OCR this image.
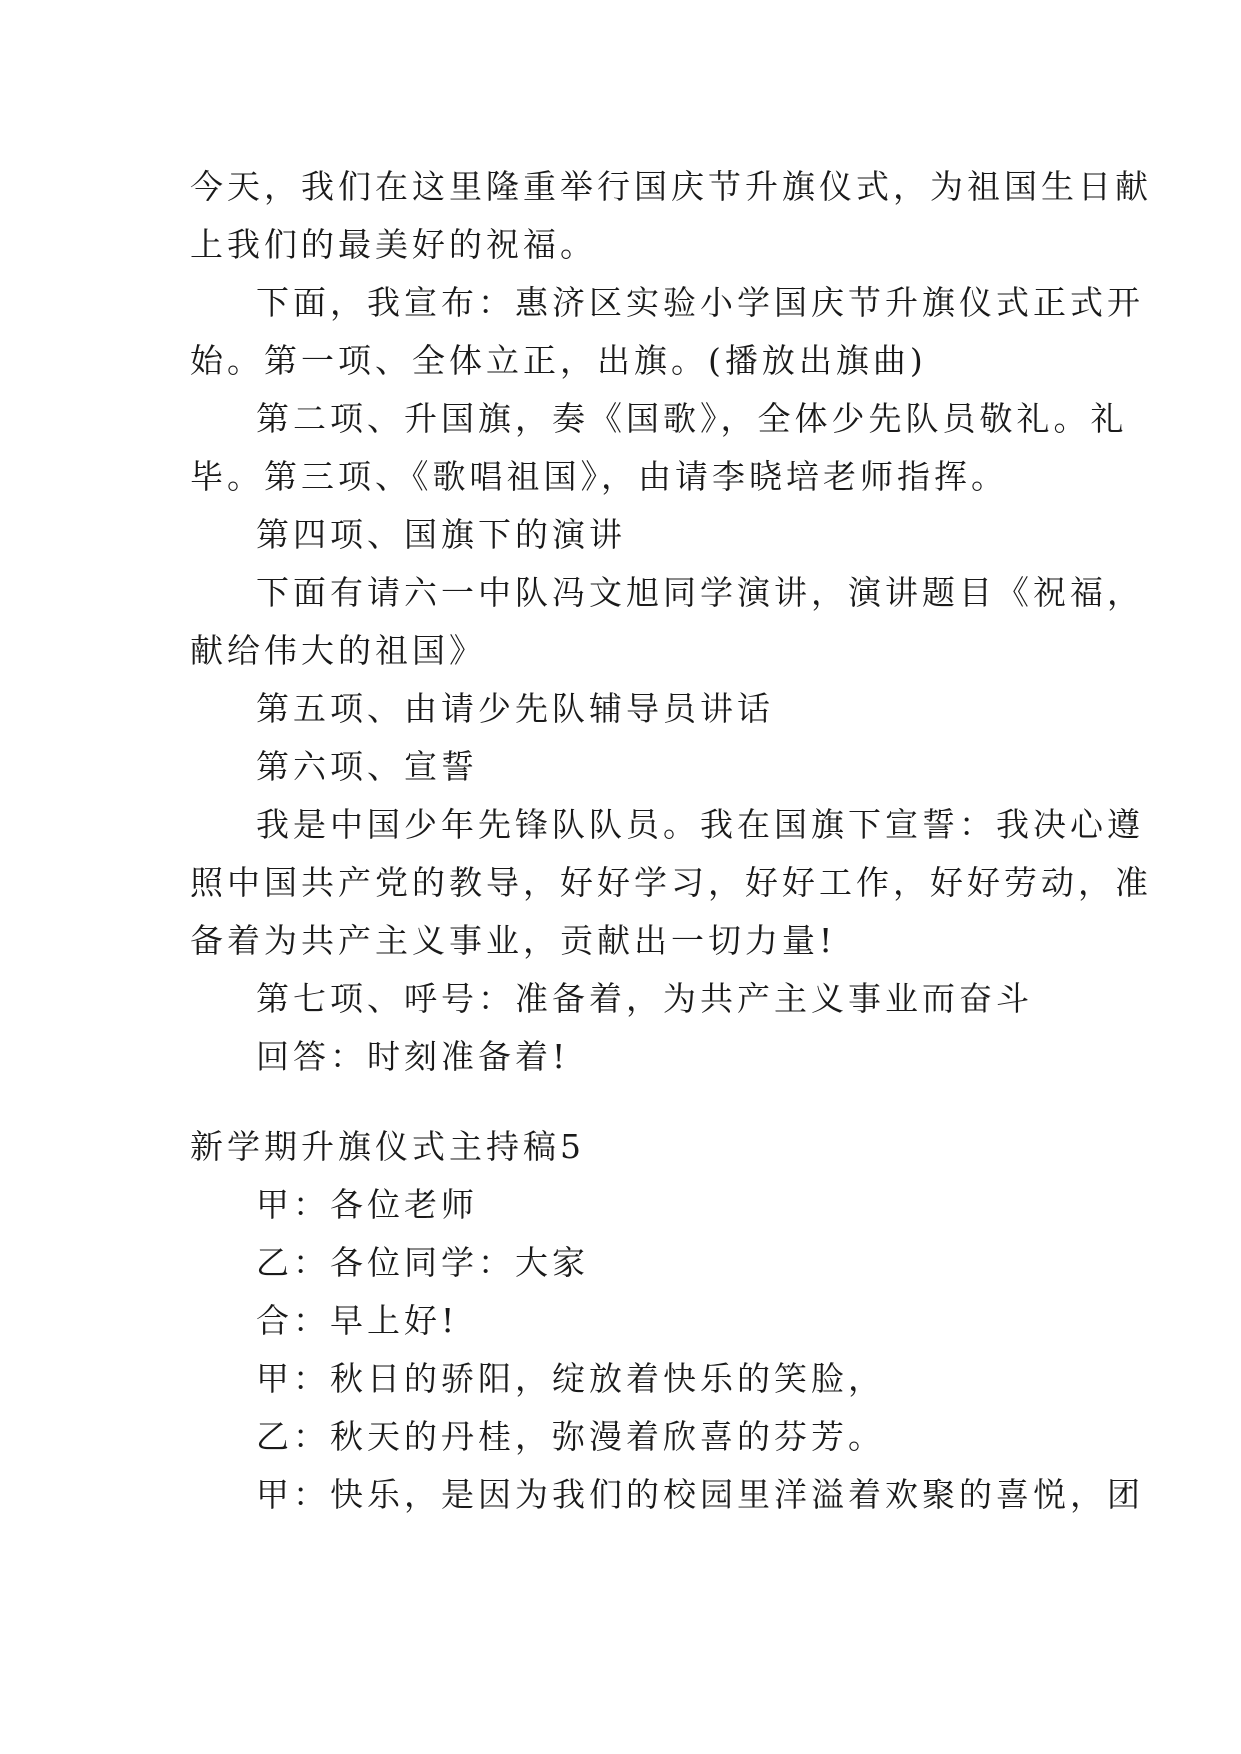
今天，我们在这里隆重举行国庆节升旗仪式，为祖国生日献
上我们的最美好的祝福。
下面，我宣布：惠济区实验小学国庆节升旗仪式正式开
始。第一项、全体立正，出旗。(播放出旗曲)
第二项、升国旗，奏《国歌》，全体少先队员敬礼。礼
毕。第三项、《歌唱祖国》，由请李晓培老师指挥。
第四项、国旗下的演讲
下面有请六一中队冯文旭同学演讲，演讲题目《祝福，
献给伟大的祖国》
第五项、由请少先队辅导员讲话
第六项、宣誓
我是中国少年先锋队队员。我在国旗下宣誓：我决心遵
照中国共产党的教导，好好学习，好好工作，好好劳动，准
备着为共产主义事业，贡献出一切力量!
第七项、呼号：准备着，为共产主义事业而奋斗
回答：时刻准备着!
新学期升旗仪式主持稿5
甲：各位老师
乙：各位同学：大家
合：早上好!
甲：秋日的骄阳，绽放着快乐的笑脸，
乙：秋天的丹桂，弥漫着欣喜的芬芳。
甲：快乐，是因为我们的校园里洋溢着欢聚的喜悦，团
